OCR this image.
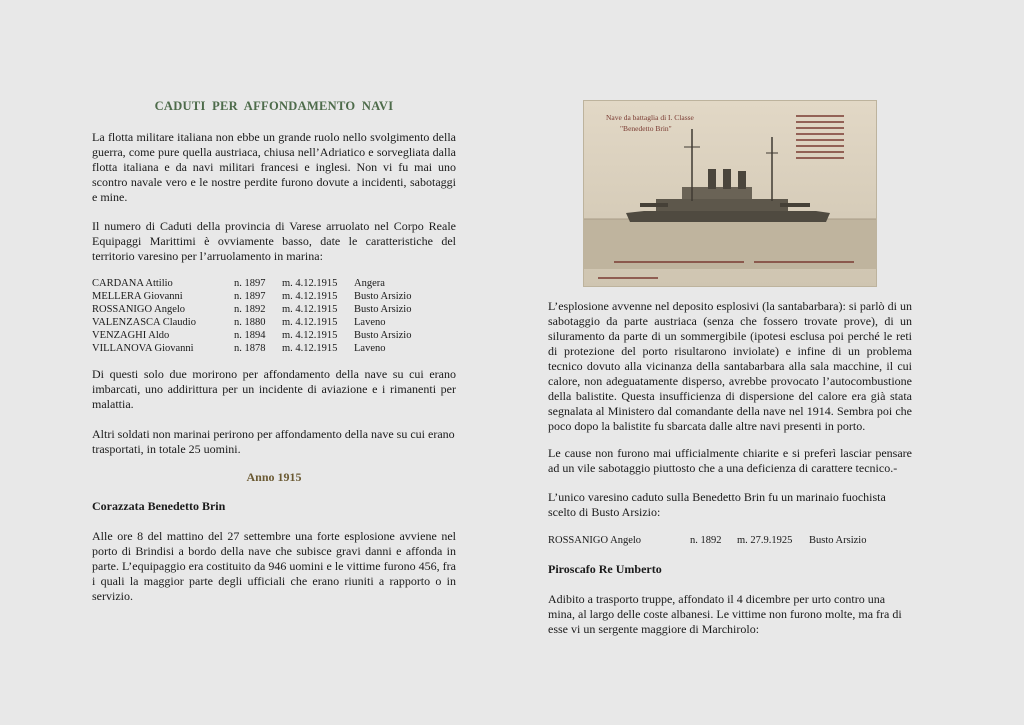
CADUTI PER AFFONDAMENTO NAVI

La flotta militare italiana non ebbe un grande ruolo nello svolgimento della guerra, come pure quella austriaca, chiusa nell’Adriatico e sorvegliata dalla flotta italiana e da navi militari francesi e inglesi. Non vi fu mai uno scontro navale vero e le nostre perdite furono dovute a incidenti, sabotaggi e mine.

Il numero di Caduti della provincia di Varese arruolato nel Corpo Reale Equipaggi Marittimi è ovviamente basso, date le caratteristiche del territorio varesino per l’arruolamento in marina:

CARDANA Attilio	n. 1897 m. 4.12.1915 Angera
MELLERA Giovanni	n. 1897 m. 4.12.1915 Busto Arsizio
ROSSANIGO Angelo	n. 1892 m. 4.12.1915 Busto Arsizio
VALENZASCA Claudio	n. 1880 m. 4.12.1915 Laveno
VENZAGHI Aldo	n. 1894 m. 4.12.1915 Busto Arsizio
VILLANOVA Giovanni	n. 1878 m. 4.12.1915 Laveno

Di questi solo due morirono per affondamento della nave su cui erano imbarcati, uno addirittura per un incidente di aviazione e i rimanenti per malattia.

Altri soldati non marinai perirono per affondamento della nave su cui erano trasportati, in totale 25 uomini.

Anno 1915
Corazzata Benedetto Brin

Alle ore 8 del mattino del 27 settembre una forte esplosione avviene nel porto di Brindisi a bordo della nave che subisce gravi danni e affonda in parte. L’equipaggio era costituito da 946 uomini e le vittime furono 456, fra i quali la maggior parte degli ufficiali che erano riuniti a rapporto o in servizio.

Nave da battaglia di I. Classe
"Benedetto Brin"

L’esplosione avvenne nel deposito esplosivi (la santabarbara): si parlò di un sabotaggio da parte austriaca (senza che fossero trovate prove), di un siluramento da parte di un sommergibile (ipotesi esclusa poi perché le reti di protezione del porto risultarono inviolate) e infine di un problema tecnico dovuto alla vicinanza della santabarbara alla sala macchine, il cui calore, non adeguatamente disperso, avrebbe provocato l’autocombustione della balistite. Questa insufficienza di dispersione del calore era già stata segnalata al Ministero dal comandante della nave nel 1914. Sembra poi che poco dopo la balistite fu sbarcata dalle altre navi presenti in porto.

Le cause non furono mai ufficialmente chiarite e si preferì lasciar pensare ad un vile sabotaggio piuttosto che a una deficienza di carattere tecnico.-

L’unico varesino caduto sulla Benedetto Brin fu un marinaio fuochista scelto di Busto Arsizio:

ROSSANIGO Angelo	n. 1892 m. 27.9.1925 Busto Arsizio
Piroscafo Re Umberto

Adibito a trasporto truppe, affondato il 4 dicembre per urto contro una mina, al largo delle coste albanesi. Le vittime non furono molte, ma fra di esse vi un sergente maggiore di Marchirolo:
